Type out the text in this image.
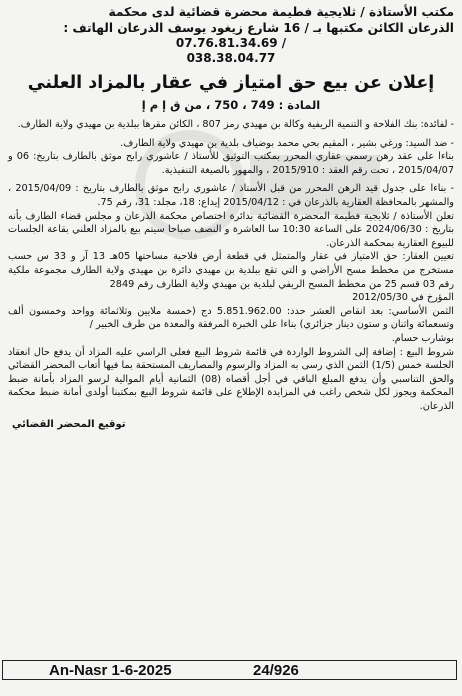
مكتب الأستاذة / ثلايجية فطيمة محضرة قضائية لدى محكمة

الذرعان الكائن مكتبها بـ / 16 شارع زيغود يوسف الذرعان الهاتف :

07.76.81.34.69 /

038.38.04.77

إعلان عن بيع حق امتياز في عقار بالمزاد العلني

المادة : 749 ، 750 ، من ق إ م إ

- لفائدة: بنك الفلاحة و التنمية الريفية وكالة بن مهيدي رمز 807 ، الكائن مقرها ببلدية بن مهيدي ولاية الطارف.

- ضد السيد: ورغي بشير ، المقيم بحي محمد بوضياف بلدية بن مهيدي ولاية الطارف.

بناءا على عقد رهن رسمي عقاري المحرر بمكتب التوثيق للأستاذ / عاشوري رابح موثق بالطارف بتاريخ: 06 و 2015/04/07 ، تحت رقم العقد : 2015/910 ، والمهور بالصيغة التنفيذية.

- بناءا على جدول قيد الرهن المحرر من قبل الأستاذ / عاشوري رابح موثق بالطارف بتاريخ : 2015/04/09 ، والمشهر بالمحافظة العقارية بالذرعان في : 2015/04/12 إيداع: 18، مجلد: 31، رقم 75.

تعلن الأستاذة / ثلايجية فطيمة المحضرة القضائية بدائرة اختصاص محكمة الذرعان و مجلس قضاء الطارف بأنه بتاريخ : 2024/06/30 على الساعة 10:30 سا العاشرة و النصف صباحا سيتم بيع بالمزاد العلني بقاعة الجلسات للبيوع العقارية بمحكمة الذرعان.

تعيين العقار: حق الامتياز في عقار والمتمثل في قطعة أرض فلاحية مساحتها 05هـ 13 آر و 33 س حسب مستخرج من مخطط مسح الأراضي و التي تقع ببلدية بن مهيدي دائرة بن مهيدي ولاية الطارف مجموعة ملكية رقم 03 قسم 25 من مخطط المسح الريفي لبلدية بن مهيدي ولاية الطارف رقم 2849

المؤرخ في 2012/05/30

الثمن الأساسي: بعد انقاص العشر حدد: 5.851.962.00 دج (خمسة ملايين وثلاثمائة وواحد وخمسون ألف وتسعمائة واثنان و ستون دينار جزائري) بناءا على الخبرة المرفقة والمعدة من طرف الخبير /

بوشارب حسام.

شروط البيع : إضافة إلى الشروط الواردة في قائمة شروط البيع فعلى الراسي عليه المزاد أن يدفع حال انعقاد الجلسة خمس (1/5) الثمن الذي رسى به المزاد والرسوم والمصاريف المستحقة بما فيها أتعاب المحضر القضائي والحق التناسبي وأن يدفع المبلغ الباقي في أجل أقصاه (08) الثمانية أيام الموالية لرسو المزاد بأمانة ضبط المحكمة ويجوز لكل شخص راغب في المزايدة الإطلاع على قائمة شروط البيع بمكتبنا أولدى أمانة ضبط محكمة الذرعان.

توقيع المحضر القضائي
An-Nasr 1-6-2025	24/926
